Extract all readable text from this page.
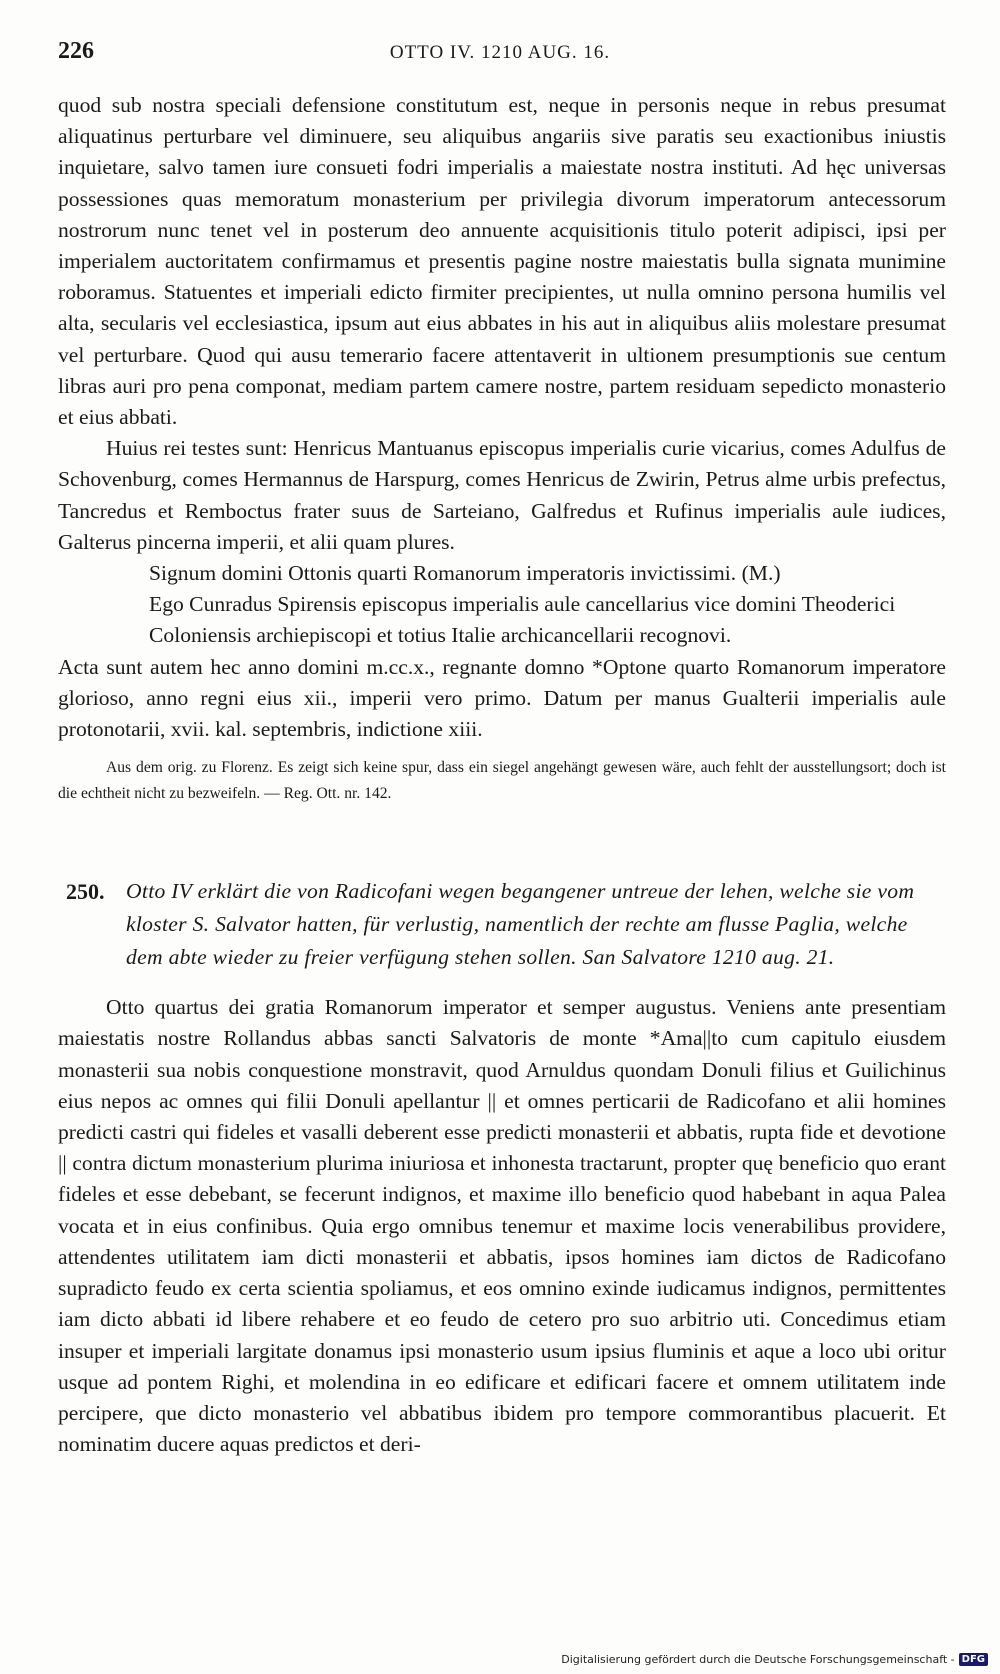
226	OTTO IV. 1210 AUG. 16.

quod sub nostra speciali defensione constitutum est, neque in personis neque in rebus presumat aliquatinus perturbare vel diminuere, seu aliquibus angariis sive paratis seu exactionibus iniustis inquietare, salvo tamen iure consueti fodri imperialis a maiestate nostra instituti. Ad hęc universas possessiones quas memoratum monasterium per privilegia divorum imperatorum antecessorum nostrorum nunc tenet vel in posterum deo annuente acquisitionis titulo poterit adipisci, ipsi per imperialem auctoritatem confirmamus et presentis pagine nostre maiestatis bulla signata munimine roboramus. Statuentes et imperiali edicto firmiter precipientes, ut nulla omnino persona humilis vel alta, secularis vel ecclesiastica, ipsum aut eius abbates in his aut in aliquibus aliis molestare presumat vel perturbare. Quod qui ausu temerario facere attentaverit in ultionem presumptionis sue centum libras auri pro pena componat, mediam partem camere nostre, partem residuam sepedicto monasterio et eius abbati.

Huius rei testes sunt: Henricus Mantuanus episcopus imperialis curie vicarius, comes Adulfus de Schovenburg, comes Hermannus de Harspurg, comes Henricus de Zwirin, Petrus alme urbis prefectus, Tancredus et Remboctus frater suus de Sarteiano, Galfredus et Rufinus imperialis aule iudices, Galterus pincerna imperii, et alii quam plures.

Signum domini Ottonis quarti Romanorum imperatoris invictissimi. (M.)

Ego Cunradus Spirensis episcopus imperialis aule cancellarius vice domini Theoderici Coloniensis archiepiscopi et totius Italie archicancellarii recognovi.

Acta sunt autem hec anno domini m.cc.x., regnante domno *Optone quarto Romanorum imperatore glorioso, anno regni eius xii., imperii vero primo. Datum per manus Gualterii imperialis aule protonotarii, xvii. kal. septembris, indictione xiii.

Aus dem orig. zu Florenz. Es zeigt sich keine spur, dass ein siegel angehängt gewesen wäre, auch fehlt der ausstellungsort; doch ist die echtheit nicht zu bezweifeln. — Reg. Ott. nr. 142.

250. Otto IV erklärt die von Radicofani wegen begangener untreue der lehen, welche sie vom kloster S. Salvator hatten, für verlustig, namentlich der rechte am flusse Paglia, welche dem abte wieder zu freier verfügung stehen sollen. San Salvatore 1210 aug. 21.

Otto quartus dei gratia Romanorum imperator et semper augustus. Veniens ante presentiam maiestatis nostre Rollandus abbas sancti Salvatoris de monte *Ama||to cum capitulo eiusdem monasterii sua nobis conquestione monstravit, quod Arnuldus quondam Donuli filius et Guilichinus eius nepos ac omnes qui filii Donuli apellantur || et omnes perticarii de Radicofano et alii homines predicti castri qui fideles et vasalli deberent esse predicti monasterii et abbatis, rupta fide et devotione || contra dictum monasterium plurima iniuriosa et inhonesta tractarunt, propter quę beneficio quo erant fideles et esse debebant, se fecerunt indignos, et maxime illo beneficio quod habebant in aqua Palea vocata et in eius confinibus. Quia ergo omnibus tenemur et maxime locis venerabilibus providere, attendentes utilitatem iam dicti monasterii et abbatis, ipsos homines iam dictos de Radicofano supradicto feudo ex certa scientia spoliamus, et eos omnino exinde iudicamus indignos, permittentes iam dicto abbati id libere rehabere et eo feudo de cetero pro suo arbitrio uti. Concedimus etiam insuper et imperiali largitate donamus ipsi monasterio usum ipsius fluminis et aque a loco ubi oritur usque ad pontem Righi, et molendina in eo edificare et edificari facere et omnem utilitatem inde percipere, que dicto monasterio vel abbatibus ibidem pro tempore commorantibus placuerit. Et nominatim ducere aquas predictos et deri-

Digitalisierung gefördert durch die Deutsche Forschungsgemeinschaft - DFG
